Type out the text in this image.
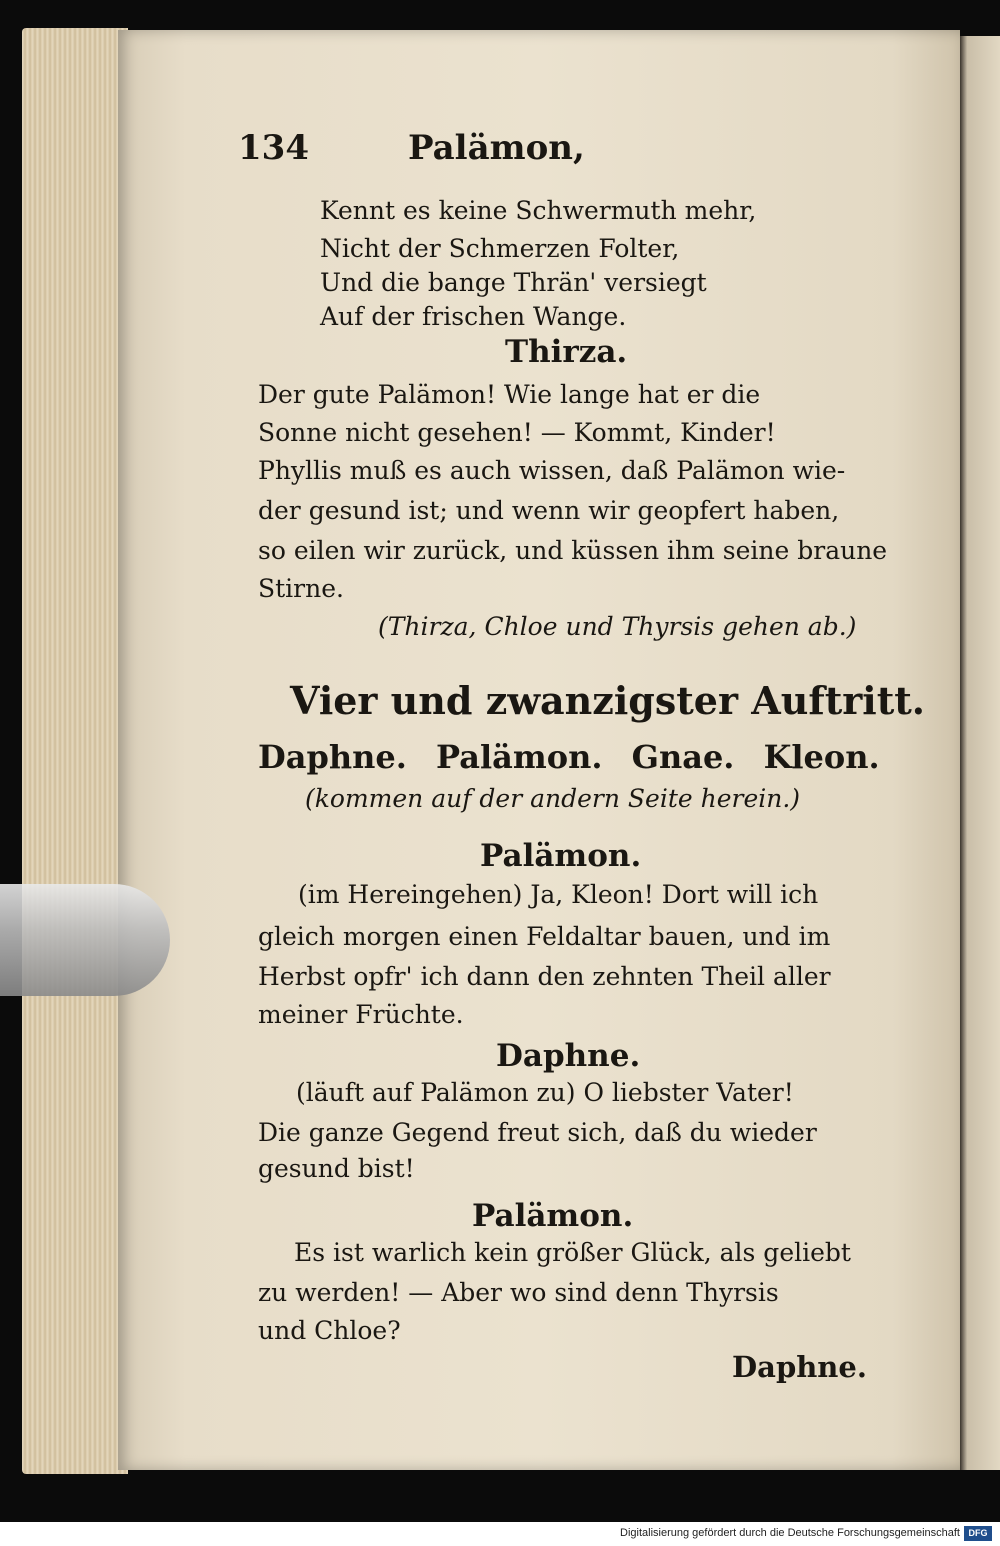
134	Palämon,
Kennt es keine Schwermuth mehr,
Nicht der Schmerzen Folter,
Und die bange Thrän' versiegt
Auf der frischen Wange.
Thirza.
Der gute Palämon! Wie lange hat er die
Sonne nicht gesehen! — Kommt, Kinder!
Phyllis muß es auch wissen, daß Palämon wie-
der gesund ist; und wenn wir geopfert haben,
so eilen wir zurück, und küssen ihm seine braune
Stirne.
(Thirza, Chloe und Thyrsis gehen ab.)
Vier und zwanzigster Auftritt.
Daphne. Palämon. Gnae. Kleon.
(kommen auf der andern Seite herein.)
Palämon.
(im Hereingehen) Ja, Kleon! Dort will ich
gleich morgen einen Feldaltar bauen, und im
Herbst opfr' ich dann den zehnten Theil aller
meiner Früchte.
Daphne.
(läuft auf Palämon zu) O liebster Vater!
Die ganze Gegend freut sich, daß du wieder
gesund bist!
Palämon.
Es ist warlich kein größer Glück, als geliebt
zu werden! — Aber wo sind denn Thyrsis
und Chloe?
Daphne.
Digitalisierung gefördert durch die Deutsche Forschungsgemeinschaft DFG
